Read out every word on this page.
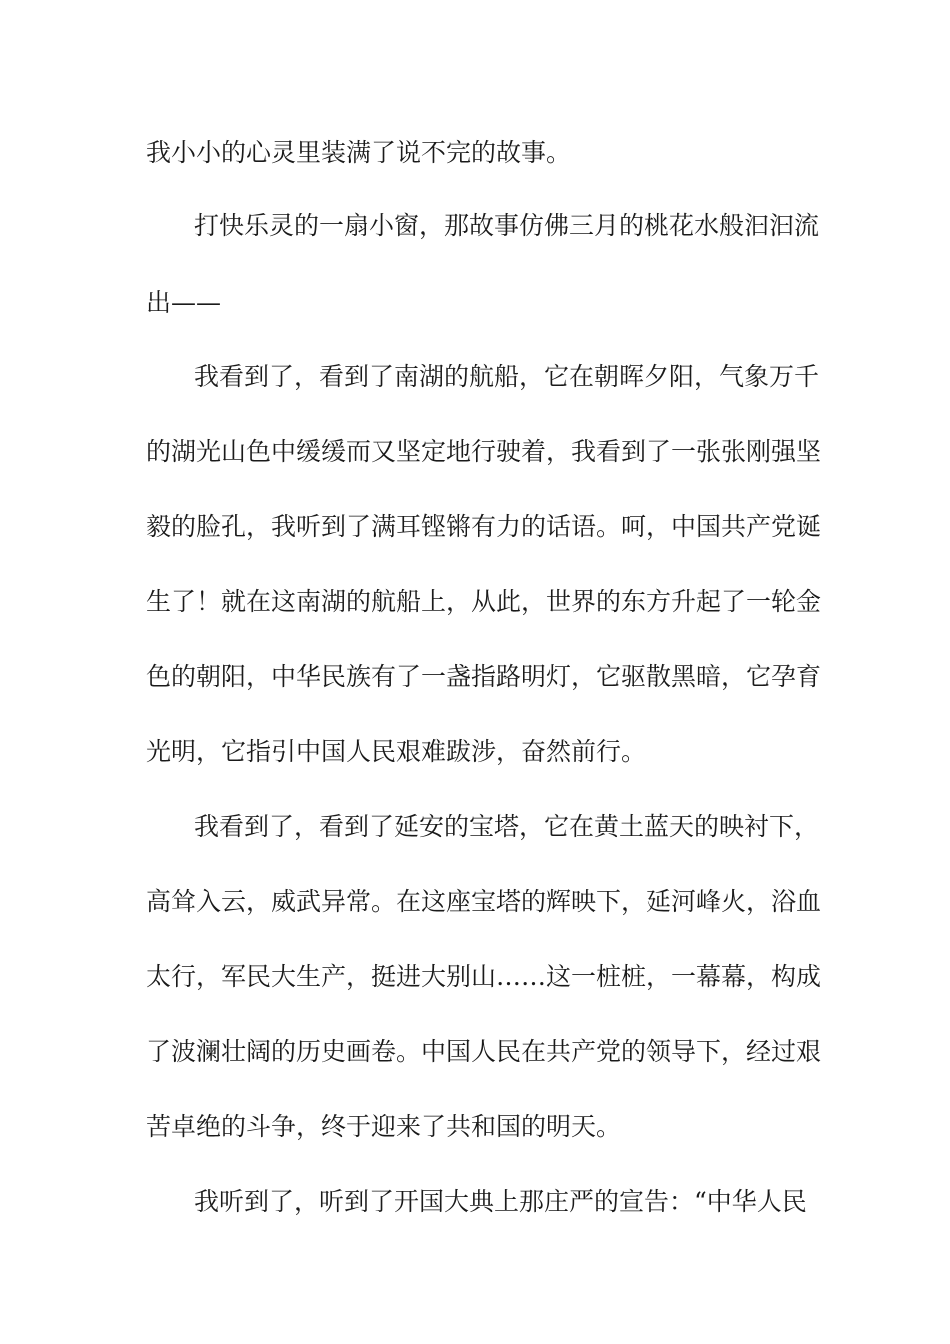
我小小的心灵里装满了说不完的故事。
打快乐灵的一扇小窗，那故事仿佛三月的桃花水般汩汩流
出——
我看到了，看到了南湖的航船，它在朝晖夕阳，气象万千
的湖光山色中缓缓而又坚定地行驶着，我看到了一张张刚强坚
毅的脸孔，我听到了满耳铿锵有力的话语。呵，中国共产党诞
生了！就在这南湖的航船上，从此，世界的东方升起了一轮金
色的朝阳，中华民族有了一盏指路明灯，它驱散黑暗，它孕育
光明，它指引中国人民艰难跋涉，奋然前行。
我看到了，看到了延安的宝塔，它在黄土蓝天的映衬下，
高耸入云，威武异常。在这座宝塔的辉映下，延河峰火，浴血
太行，军民大生产，挺进大别山……这一桩桩，一幕幕，构成
了波澜壮阔的历史画卷。中国人民在共产党的领导下，经过艰
苦卓绝的斗争，终于迎来了共和国的明天。
我听到了，听到了开国大典上那庄严的宣告：“中华人民
